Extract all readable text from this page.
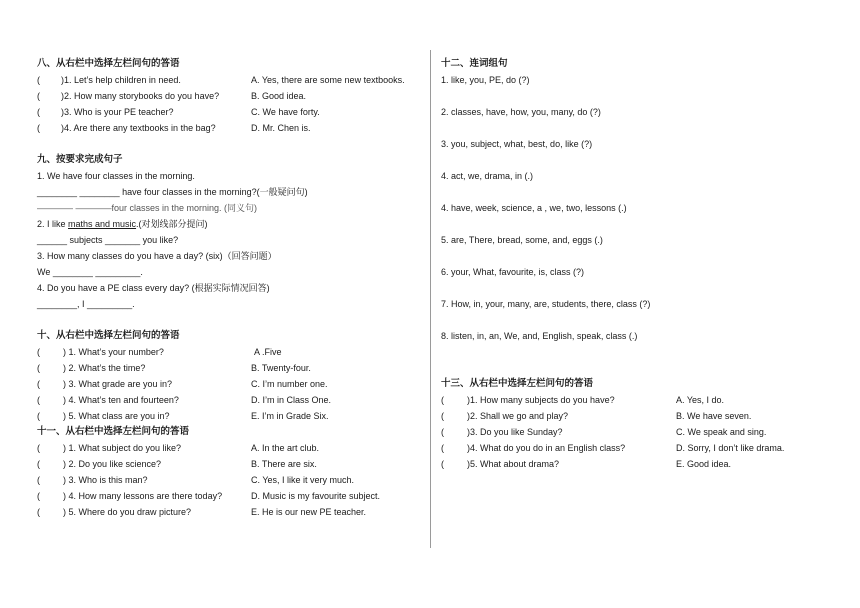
八、从右栏中选择左栏问句的答语
( )1. Let’s help children in need.	A. Yes, there are some new textbooks.
( )2. How many storybooks do you have?	B. Good idea.
( )3. Who is your PE teacher?	C. We have forty.
( )4. Are there any textbooks in the bag?	D. Mr. Chen is.
九、按要求完成句子
1. We have four classes in the morning.
________ ________ have four classes in the morning?(一般疑问句)
———— ————four classes in the morning. (同义句)
2. I like maths and music.(对划线部分提问)
______ subjects _______ you like?
3. How many classes do you have a day? (six)（回答问题）
We ________ _________.
4. Do you have a PE class every day? (根据实际情况回答)
________, I _________.
十、从右栏中选择左栏问句的答语
(	) 1. What’s your number?	A .Five
(	) 2. What’s the time?	B. Twenty-four.
(	) 3. What grade are you in?	C. I’m number one.
(	) 4. What’s ten and fourteen?	D. I’m in Class One.
(	) 5. What class are you in?	E. I’m in Grade Six.
十一、从右栏中选择左栏问句的答语
(	) 1. What subject do you like?	A. In the art club.
(	) 2. Do you like science?	B. There are six.
(	) 3. Who is this man?	C. Yes, I like it very much.
(	) 4. How many lessons are there today?	D. Music is my favourite subject.
(	) 5. Where do you draw picture?	E. He is our new PE teacher.
十二、连词组句
1. like, you, PE, do (?)
2. classes, have, how, you, many, do (?)
3. you, subject, what, best, do, like (?)
4. act, we, drama, in (.)
4. have, week, science, a , we, two, lessons (.)
5. are, There, bread, some, and, eggs (.)
6. your, What, favourite, is, class (?)
7. How, in, your, many, are, students, there, class (?)
8. listen, in, an, We, and, English, speak, class (.)
十三、从右栏中选择左栏问句的答语
(	)1. How many subjects do you have?	A. Yes, I do.
(	)2. Shall we go and play?	B. We have seven.
(	)3. Do you like Sunday?	C. We speak and sing.
(	)4. What do you do in an English class?	D. Sorry, I don’t like drama.
(	)5. What about drama?	E. Good idea.
